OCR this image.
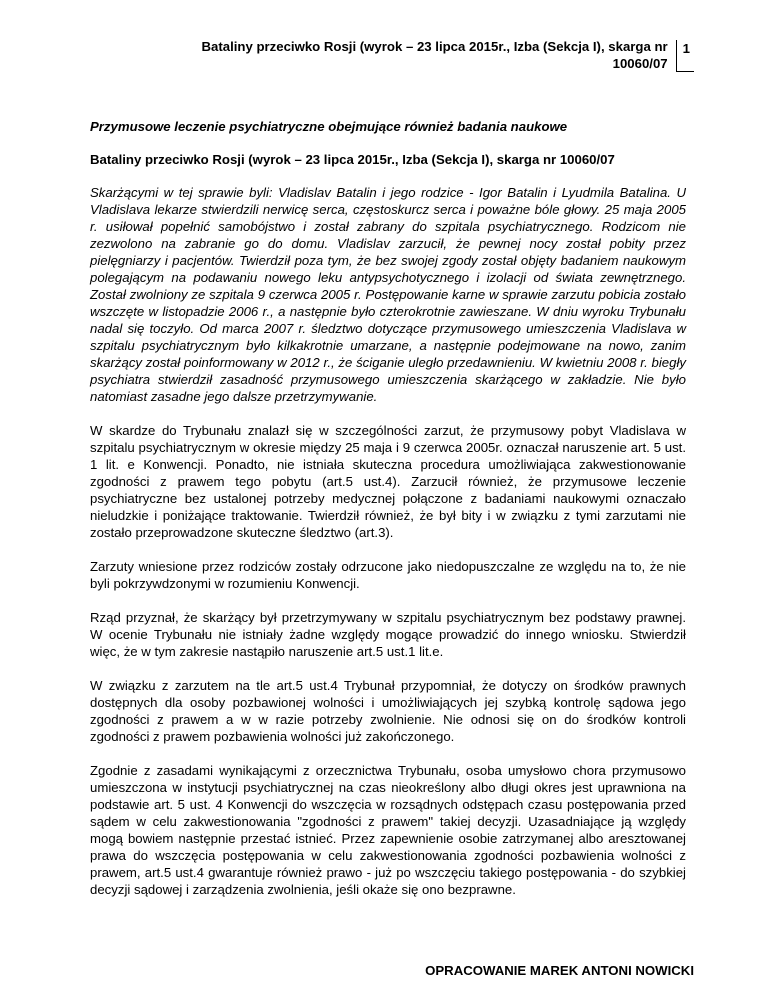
Bataliny przeciwko Rosji (wyrok – 23 lipca 2015r., Izba (Sekcja I), skarga nr
10060/07
1

Przymusowe leczenie psychiatryczne obejmujące również badania naukowe

Bataliny przeciwko Rosji (wyrok – 23 lipca 2015r., Izba (Sekcja I), skarga nr 10060/07

Skarżącymi w tej sprawie byli: Vladislav Batalin i jego rodzice - Igor Batalin i Lyudmila Batalina. U Vladislava lekarze stwierdzili nerwicę serca, częstoskurcz serca i poważne bóle głowy. 25 maja 2005 r. usiłował popełnić samobójstwo i został zabrany do szpitala psychiatrycznego. Rodzicom nie zezwolono na zabranie go do domu. Vladislav zarzucił, że pewnej nocy został pobity przez pielęgniarzy i pacjentów. Twierdził poza tym, że bez swojej zgody został objęty badaniem naukowym polegającym na podawaniu nowego leku antypsychotycznego i izolacji od świata zewnętrznego. Został zwolniony ze szpitala 9 czerwca 2005 r. Postępowanie karne w sprawie zarzutu pobicia zostało wszczęte w listopadzie 2006 r., a następnie było czterokrotnie zawieszane. W dniu wyroku Trybunału nadal się toczyło. Od marca 2007 r. śledztwo dotyczące przymusowego umieszczenia Vladislava w szpitalu psychiatrycznym było kilkakrotnie umarzane, a następnie podejmowane na nowo, zanim skarżący został poinformowany w 2012 r., że ściganie uległo przedawnieniu. W kwietniu 2008 r. biegły psychiatra stwierdził zasadność przymusowego umieszczenia skarżącego w zakładzie. Nie było natomiast zasadne jego dalsze przetrzymywanie.

W skardze do Trybunału znalazł się w szczególności zarzut, że przymusowy pobyt Vladislava w szpitalu psychiatrycznym w okresie między 25 maja i 9 czerwca 2005r. oznaczał naruszenie art. 5 ust. 1 lit. e Konwencji. Ponadto, nie istniała skuteczna procedura umożliwiająca zakwestionowanie zgodności z prawem tego pobytu (art.5 ust.4). Zarzucił również, że przymusowe leczenie psychiatryczne bez ustalonej potrzeby medycznej połączone z badaniami naukowymi oznaczało nieludzkie i poniżające traktowanie. Twierdził również, że był bity i w związku z tymi zarzutami nie zostało przeprowadzone skuteczne śledztwo (art.3).

Zarzuty wniesione przez rodziców zostały odrzucone jako niedopuszczalne ze względu na to, że nie byli pokrzywdzonymi w rozumieniu Konwencji.

Rząd przyznał, że skarżący był przetrzymywany w szpitalu psychiatrycznym bez podstawy prawnej. W ocenie Trybunału nie istniały żadne względy mogące prowadzić do innego wniosku. Stwierdził więc, że w tym zakresie nastąpiło naruszenie art.5 ust.1 lit.e.

W związku z zarzutem na tle art.5 ust.4 Trybunał przypomniał, że dotyczy on środków prawnych dostępnych dla osoby pozbawionej wolności i umożliwiających jej szybką kontrolę sądowa jego zgodności z prawem a w w razie potrzeby zwolnienie. Nie odnosi się on do środków kontroli zgodności z prawem pozbawienia wolności już zakończonego.

Zgodnie z zasadami wynikającymi z orzecznictwa Trybunału, osoba umysłowo chora przymusowo umieszczona w instytucji psychiatrycznej na czas nieokreślony albo długi okres jest uprawniona na podstawie art. 5 ust. 4 Konwencji do wszczęcia w rozsądnych odstępach czasu postępowania przed sądem w celu zakwestionowania "zgodności z prawem" takiej decyzji. Uzasadniające ją względy mogą bowiem następnie przestać istnieć. Przez zapewnienie osobie zatrzymanej albo aresztowanej prawa do wszczęcia postępowania w celu zakwestionowania zgodności pozbawienia wolności z prawem, art.5 ust.4 gwarantuje również prawo - już po wszczęciu takiego postępowania - do szybkiej decyzji sądowej i zarządzenia zwolnienia, jeśli okaże się ono bezprawne.

OPRACOWANIE MAREK ANTONI NOWICKI
